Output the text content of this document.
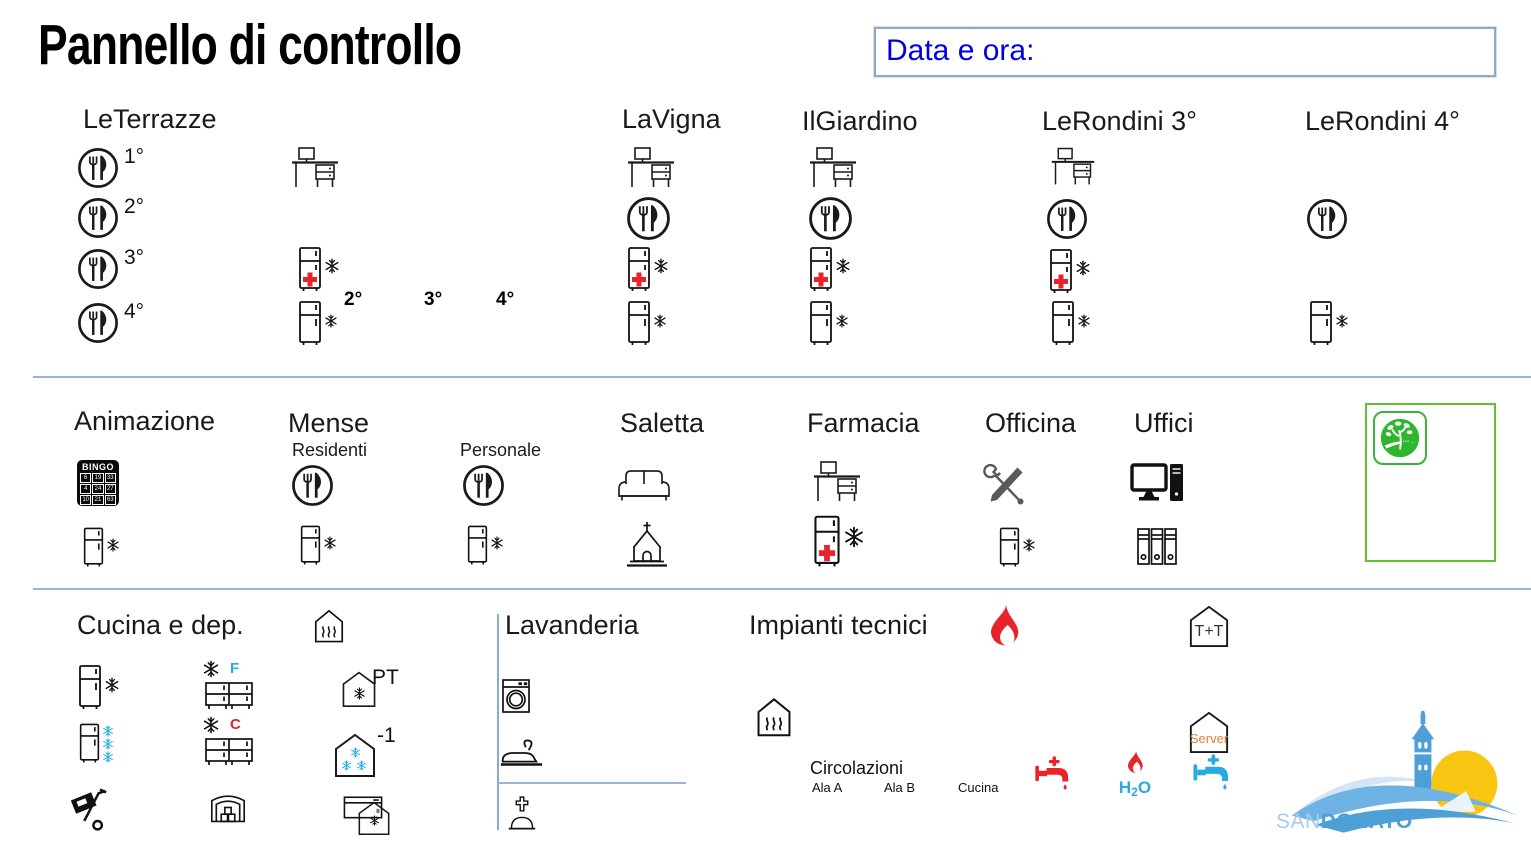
Pannello di controllo	Data e ora:
LeTerrazze
1°
2°
3°
4°
2°	3°	4°
LaVigna	IlGiardino	LeRondini 3°	LeRondini 4°
Animazione
BINGO
6	19 33
4	24 27
10 21 63
Mense
Residenti	Personale
Saletta	Farmacia Officina Uffici
Cucina e dep.
F	PT
C	-1
Lavanderia	Impianti tecnici
Circolazioni
Ala A	Ala B	Cucina	$H_2O$
T+T
Server
SANDONATO
